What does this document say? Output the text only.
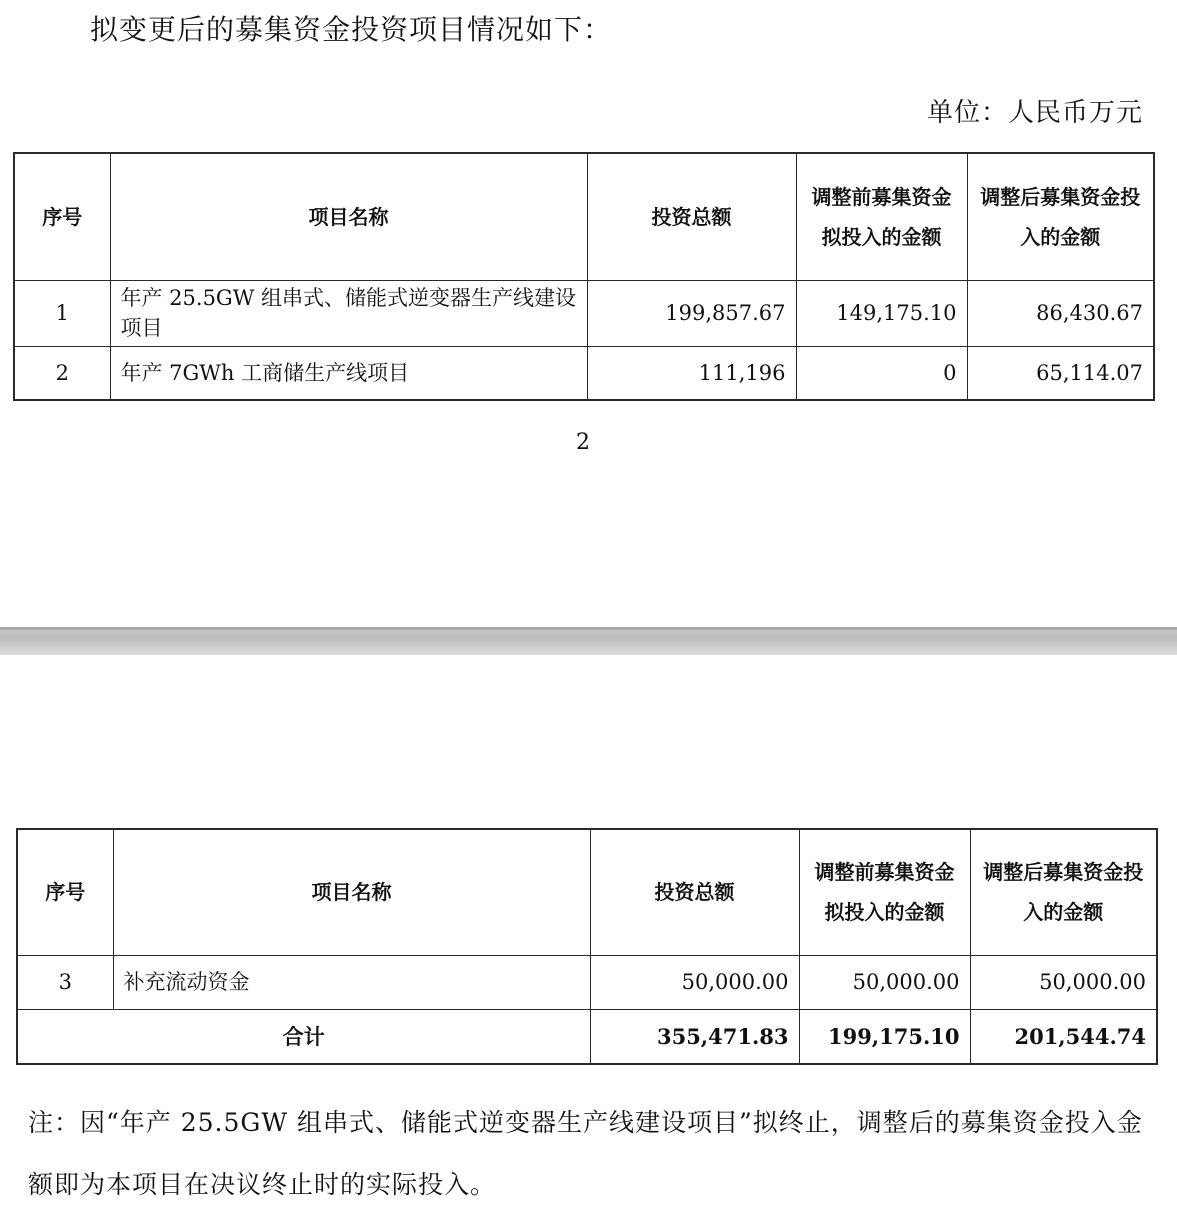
拟变更后的募集资金投资项目情况如下：

单位：人民币万元
序号	项目名称	投资总额	调整前募集资金拟投入的金额	调整后募集资金投入的金额
1	年产 25.5GW 组串式、储能式逆变器生产线建设项目	199,857.67	149,175.10	86,430.67
2	年产 7GWh 工商储生产线项目	111,196	0	65,114.07
2
序号	项目名称	投资总额	调整前募集资金拟投入的金额	调整后募集资金投入的金额
3	补充流动资金	50,000.00	50,000.00	50,000.00
合计		355,471.83	199,175.10	201,544.74

注：因“年产 25.5GW 组串式、储能式逆变器生产线建设项目”拟终止，调整后的募集资金投入金额即为本项目在决议终止时的实际投入。
